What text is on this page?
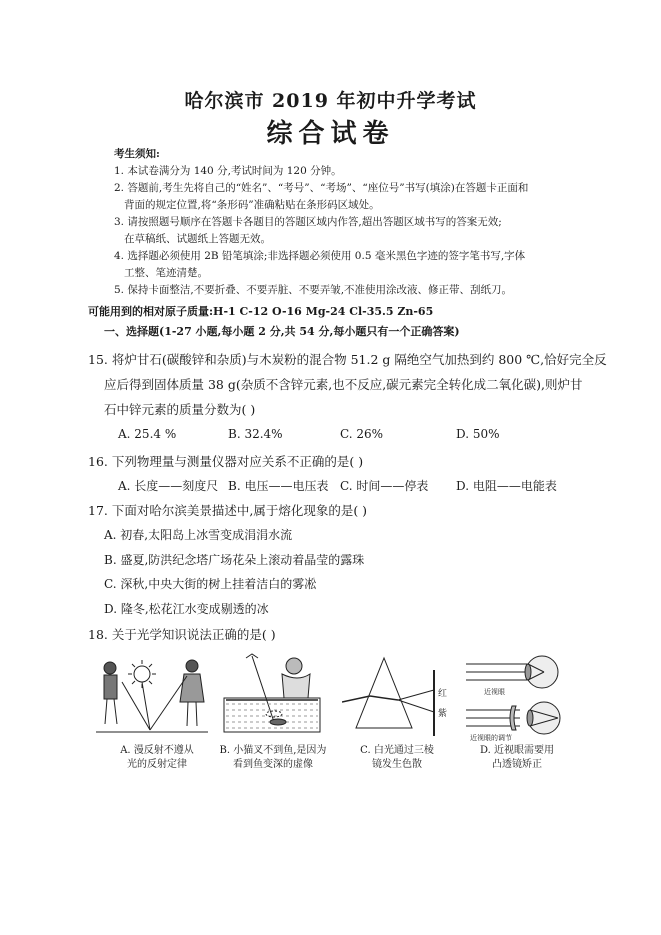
哈尔滨市 2019 年初中升学考试
综合试卷
考生须知:
1. 本试卷满分为 140 分,考试时间为 120 分钟。
2. 答题前,考生先将自己的“姓名”、“考号”、“考场”、“座位号”书写(填涂)在答题卡正面和
背面的规定位置,将“条形码”准确粘贴在条形码区域处。
3. 请按照题号顺序在答题卡各题目的答题区域内作答,超出答题区域书写的答案无效;
在草稿纸、试题纸上答题无效。
4. 选择题必须使用 2B 铅笔填涂;非选择题必须使用 0.5 毫米黑色字迹的签字笔书写,字体
工整、笔迹清楚。
5. 保持卡面整洁,不要折叠、不要弄脏、不要弄皱,不准使用涂改液、修正带、刮纸刀。
可能用到的相对原子质量:H-1 C-12 O-16 Mg-24 Cl-35.5 Zn-65
一、选择题(1-27 小题,每小题 2 分,共 54 分,每小题只有一个正确答案)
15. 将炉甘石(碳酸锌和杂质)与木炭粉的混合物 51.2 g 隔绝空气加热到约 800 ℃,恰好完全反
应后得到固体质量 38 g(杂质不含锌元素,也不反应,碳元素完全转化成二氧化碳),则炉甘
石中锌元素的质量分数为( )
A. 25.4 %	B. 32.4%	C. 26%	D. 50%
16. 下列物理量与测量仪器对应关系不正确的是( )
A. 长度——刻度尺 B. 电压——电压表 C. 时间——停表 D. 电阻——电能表
17. 下面对哈尔滨美景描述中,属于熔化现象的是( )
A. 初春,太阳岛上冰雪变成涓涓水流
B. 盛夏,防洪纪念塔广场花朵上滚动着晶莹的露珠
C. 深秋,中央大街的树上挂着洁白的雾凇
D. 隆冬,松花江水变成剔透的冰
18. 关于光学知识说法正确的是( )
A. 漫反射不遵从
光的反射定律
B. 小猫叉不到鱼,是因为
看到鱼变深的虚像
红
紫
C. 白光通过三棱
镜发生色散
近视眼
近视眼的调节
D. 近视眼需要用
凸透镜矫正
